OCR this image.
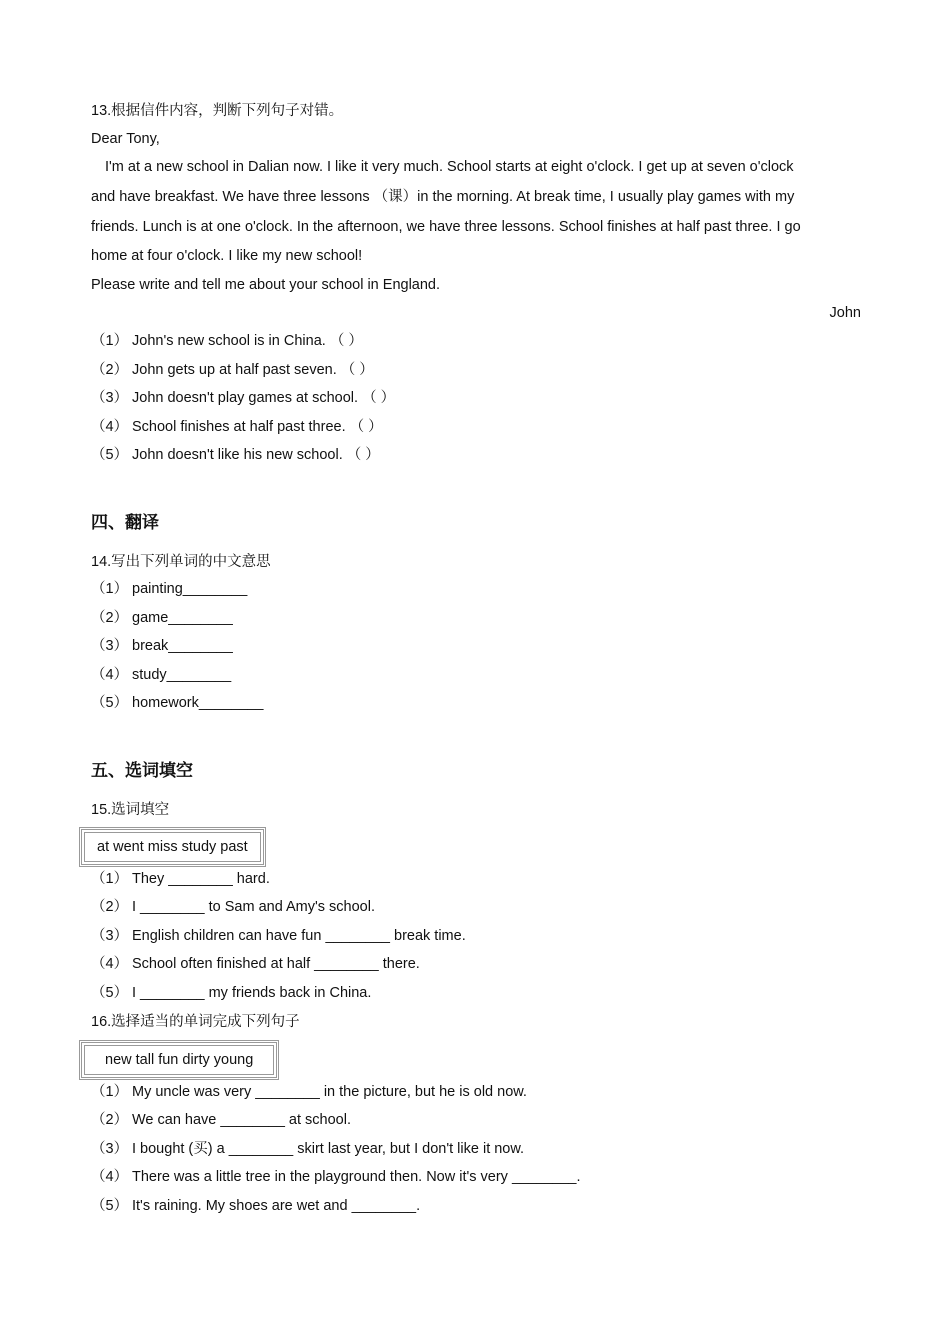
13.根据信件内容，判断下列句子对错。
Dear Tony,
I'm at a new school in Dalian now. I like it very much. School starts at eight o'clock. I get up at seven o'clock
and have breakfast. We have three lessons （课）in the morning. At break time, I usually play games with my
friends. Lunch is at one o'clock. In the afternoon, we have three lessons. School finishes at half past three. I go
home at four o'clock. I like my new school!
Please write and tell me about your school in England.
John
（1） John's new school is in China. （ ）
（2） John gets up at half past seven. （ ）
（3） John doesn't play games at school. （ ）
（4） School finishes at half past three. （ ）
（5） John doesn't like his new school. （ ）
四、翻译
14.写出下列单词的中文意思
（1） painting________
（2） game________
（3） break________
（4） study________
（5） homework________
五、选词填空
15.选词填空
at went miss study past
（1） They ________ hard.
（2） I ________ to Sam and Amy's school.
（3） English children can have fun ________ break time.
（4） School often finished at half ________ there.
（5） I ________ my friends back in China.
16.选择适当的单词完成下列句子
new tall fun dirty young
（1） My uncle was very ________ in the picture, but he is old now.
（2） We can have ________ at school.
（3） I bought (买) a ________ skirt last year, but I don't like it now.
（4） There was a little tree in the playground then. Now it's very ________.
（5） It's raining. My shoes are wet and ________.
